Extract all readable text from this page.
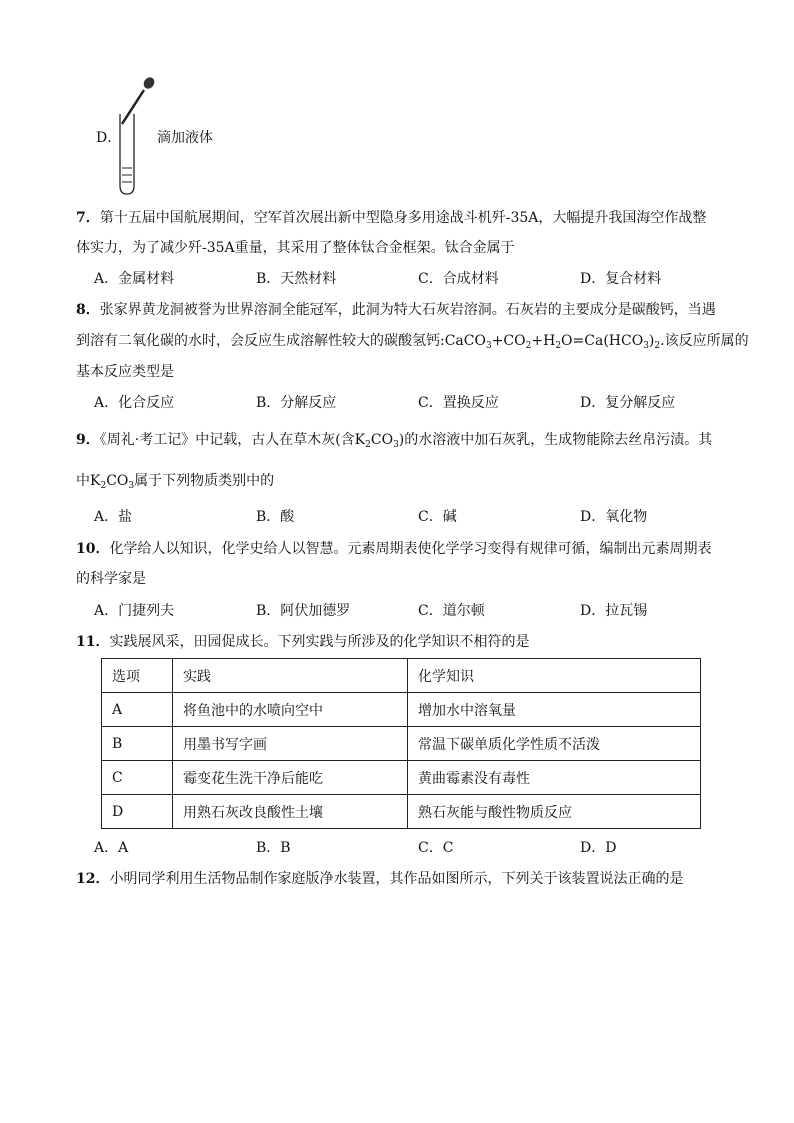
D．	滴加液体
7．第十五届中国航展期间，空军首次展出新中型隐身多用途战斗机歼-35A，大幅提升我国海空作战整
体实力，为了减少歼-35A重量，其采用了整体钛合金框架。钛合金属于
A．金属材料	B．天然材料	C．合成材料	D．复合材料
8．张家界黄龙洞被誉为世界溶洞全能冠军，此洞为特大石灰岩溶洞。石灰岩的主要成分是碳酸钙，当遇
到溶有二氧化碳的水时，会反应生成溶解性较大的碳酸氢钙$:CaCO_3+CO_2+H_2O=Ca(HCO_3)_2$.该反应所属的
基本反应类型是
A．化合反应	B．分解反应	C．置换反应	D．复分解反应
9．《周礼·考工记》中记载，古人在草木灰(含$K_2CO_3$)的水溶液中加石灰乳，生成物能除去丝帛污渍。其
中$K_2CO_3$属于下列物质类别中的
A．盐	B．酸	C．碱	D．氧化物
10．化学给人以知识，化学史给人以智慧。元素周期表使化学学习变得有规律可循，编制出元素周期表
的科学家是
A．门捷列夫	B．阿伏加德罗	C．道尔顿	D．拉瓦锡
11．实践展风采，田园促成长。下列实践与所涉及的化学知识不相符的是
选项	实践	化学知识
A	将鱼池中的水喷向空中	增加水中溶氧量
B	用墨书写字画	常温下碳单质化学性质不活泼
C	霉变花生洗干净后能吃	黄曲霉素没有毒性
D	用熟石灰改良酸性土壤	熟石灰能与酸性物质反应
A．A	B．B	C．C	D．D
12．小明同学利用生活物品制作家庭版净水装置，其作品如图所示，下列关于该装置说法正确的是
